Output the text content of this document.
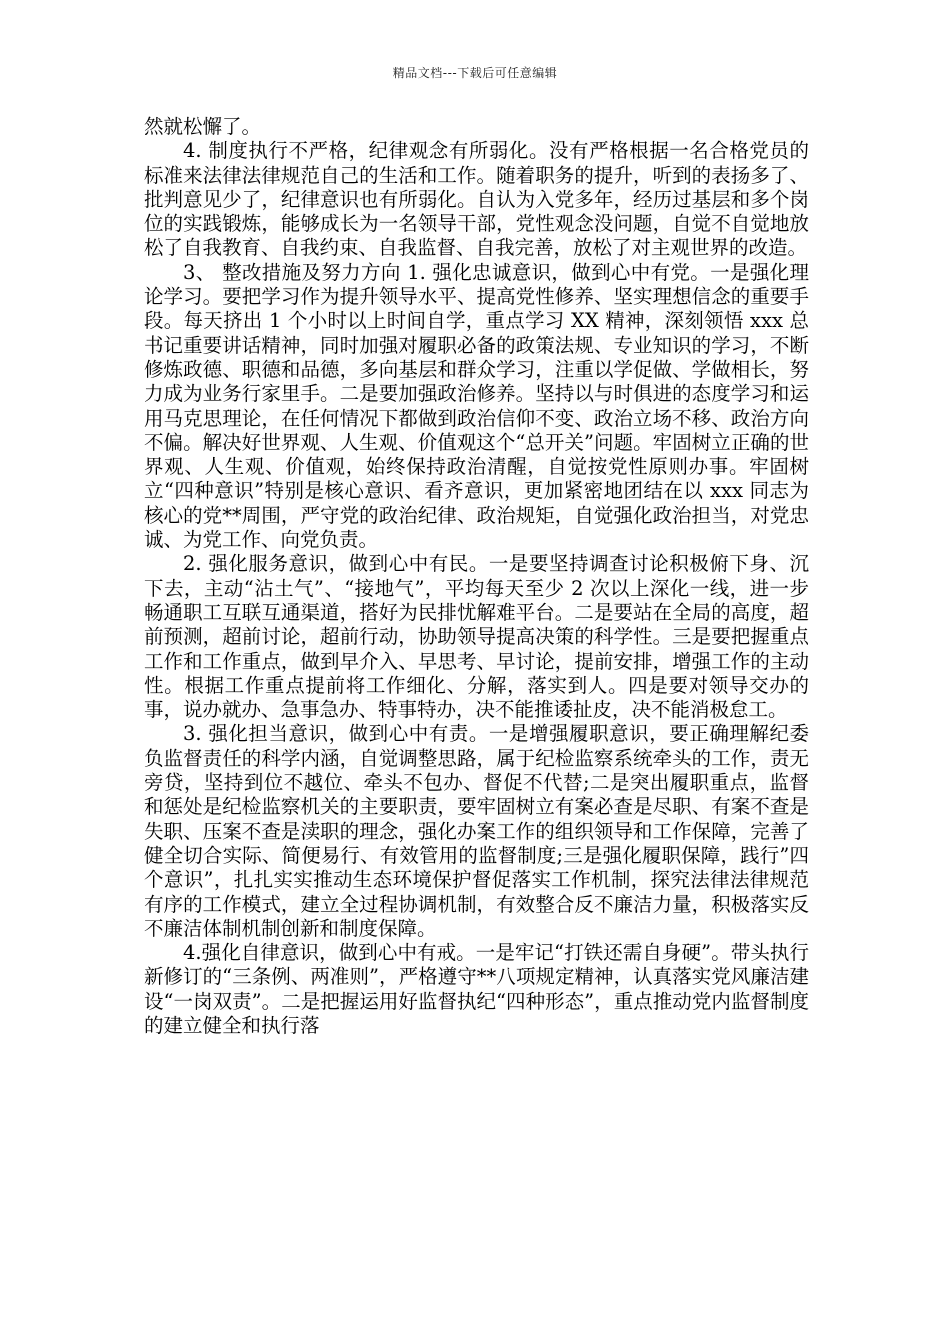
精品文档---下载后可任意编辑

然就松懈了。

4. 制度执行不严格，纪律观念有所弱化。没有严格根据一名合格党员的标准来法律法律规范自己的生活和工作。随着职务的提升，听到的表扬多了、批判意见少了，纪律意识也有所弱化。自认为入党多年，经历过基层和多个岗位的实践锻炼，能够成长为一名领导干部，党性观念没问题，自觉不自觉地放松了自我教育、自我约束、自我监督、自我完善，放松了对主观世界的改造。

3、 整改措施及努力方向 1. 强化忠诚意识，做到心中有党。一是强化理论学习。要把学习作为提升领导水平、提高党性修养、坚实理想信念的重要手段。每天挤出 1 个小时以上时间自学，重点学习 XX 精神，深刻领悟 xxx 总书记重要讲话精神，同时加强对履职必备的政策法规、专业知识的学习，不断修炼政德、职德和品德，多向基层和群众学习，注重以学促做、学做相长，努力成为业务行家里手。二是要加强政治修养。坚持以与时俱进的态度学习和运用马克思理论，在任何情况下都做到政治信仰不变、政治立场不移、政治方向不偏。解决好世界观、人生观、价值观这个“总开关”问题。牢固树立正确的世界观、人生观、价值观，始终保持政治清醒，自觉按党性原则办事。牢固树立“四种意识”特别是核心意识、看齐意识，更加紧密地团结在以 xxx 同志为核心的党**周围，严守党的政治纪律、政治规矩，自觉强化政治担当，对党忠诚、为党工作、向党负责。

2. 强化服务意识，做到心中有民。一是要坚持调查讨论积极俯下身、沉下去，主动“沾土气”、“接地气”，平均每天至少 2 次以上深化一线，进一步畅通职工互联互通渠道，搭好为民排忧解难平台。二是要站在全局的高度，超前预测，超前讨论，超前行动，协助领导提高决策的科学性。三是要把握重点工作和工作重点，做到早介入、早思考、早讨论，提前安排，增强工作的主动性。根据工作重点提前将工作细化、分解，落实到人。四是要对领导交办的事，说办就办、急事急办、特事特办，决不能推诿扯皮，决不能消极怠工。

3. 强化担当意识，做到心中有责。一是增强履职意识，要正确理解纪委负监督责任的科学内涵，自觉调整思路，属于纪检监察系统牵头的工作，责无旁贷，坚持到位不越位、牵头不包办、督促不代替;二是突出履职重点，监督和惩处是纪检监察机关的主要职责，要牢固树立有案必查是尽职、有案不查是失职、压案不查是渎职的理念，强化办案工作的组织领导和工作保障，完善了健全切合实际、简便易行、有效管用的监督制度;三是强化履职保障，践行”四个意识”，扎扎实实推动生态环境保护督促落实工作机制，探究法律法律规范有序的工作模式，建立全过程协调机制，有效整合反不廉洁力量，积极落实反不廉洁体制机制创新和制度保障。

4.强化自律意识，做到心中有戒。一是牢记“打铁还需自身硬”。带头执行新修订的“三条例、两准则”，严格遵守**八项规定精神，认真落实党风廉洁建设“一岗双责”。二是把握运用好监督执纪“四种形态”，重点推动党内监督制度的建立健全和执行落
